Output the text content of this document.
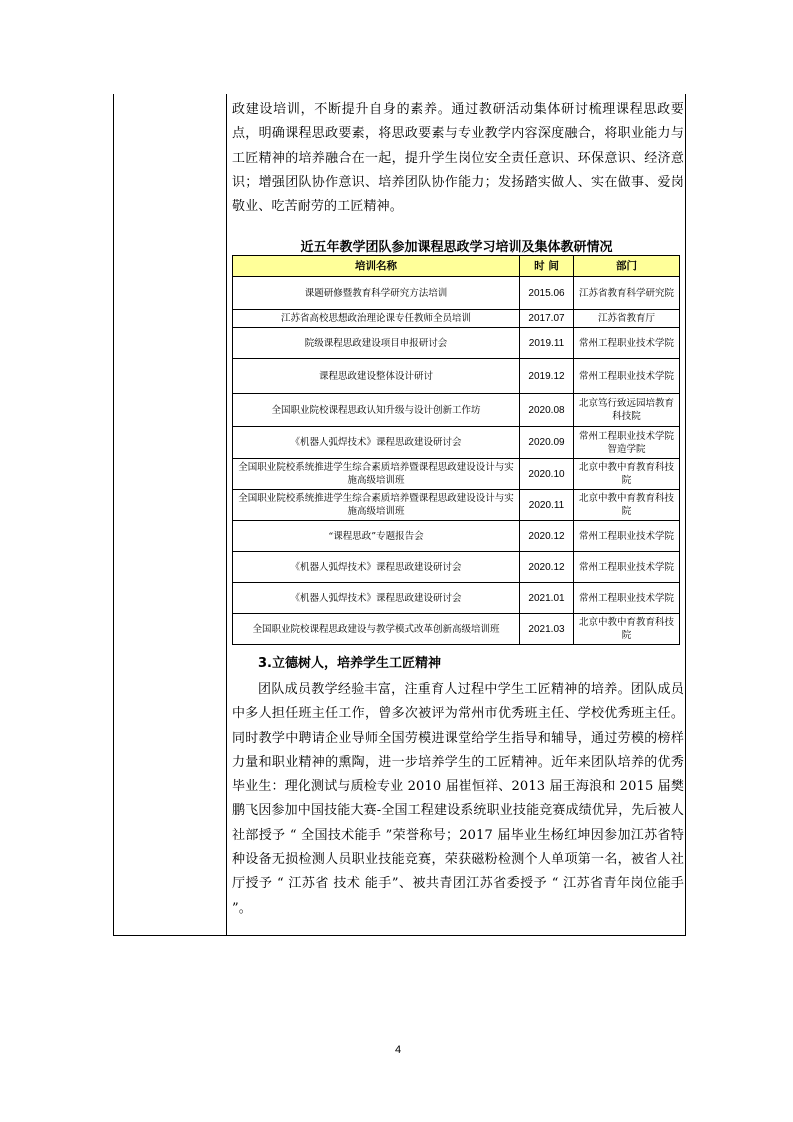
政建设培训，不断提升自身的素养。通过教研活动集体研讨梳理课程思政要点，明确课程思政要素，将思政要素与专业教学内容深度融合，将职业能力与工匠精神的培养融合在一起，提升学生岗位安全责任意识、环保意识、经济意识；增强团队协作意识、培养团队协作能力；发扬踏实做人、实在做事、爱岗敬业、吃苦耐劳的工匠精神。

近五年教学团队参加课程思政学习培训及集体教研情况
培训名称	时 间	部门
课题研修暨教育科学研究方法培训	2015.06	江苏省教育科学研究院
江苏省高校思想政治理论课专任教师全员培训	2017.07	江苏省教育厅
院级课程思政建设项目申报研讨会	2019.11	常州工程职业技术学院
课程思政建设整体设计研讨	2019.12	常州工程职业技术学院
全国职业院校课程思政认知升级与设计创新工作坊	2020.08	北京笃行致远园培教育科技院
《机器人弧焊技术》课程思政建设研讨会	2020.09	常州工程职业技术学院智造学院
全国职业院校系统推进学生综合素质培养暨课程思政建设设计与实施高级培训班	2020.10	北京中教中育教育科技院
全国职业院校系统推进学生综合素质培养暨课程思政建设设计与实施高级培训班	2020.11	北京中教中育教育科技院
“课程思政”专题报告会	2020.12	常州工程职业技术学院
《机器人弧焊技术》课程思政建设研讨会	2020.12	常州工程职业技术学院
《机器人弧焊技术》课程思政建设研讨会	2021.01	常州工程职业技术学院
全国职业院校课程思政建设与教学模式改革创新高级培训班	2021.03	北京中教中育教育科技院
3.立德树人，培养学生工匠精神

团队成员教学经验丰富，注重育人过程中学生工匠精神的培养。团队成员中多人担任班主任工作，曾多次被评为常州市优秀班主任、学校优秀班主任。同时教学中聘请企业导师全国劳模进课堂给学生指导和辅导，通过劳模的榜样力量和职业精神的熏陶，进一步培养学生的工匠精神。近年来团队培养的优秀毕业生：理化测试与质检专业 2010 届崔恒祥、2013 届王海浪和 2015 届樊鹏飞因参加中国技能大赛-全国工程建设系统职业技能竞赛成绩优异，先后被人社部授予 “ 全国技术能手 ”荣誉称号；2017 届毕业生杨红坤因参加江苏省特种设备无损检测人员职业技能竞赛，荣获磁粉检测个人单项第一名，被省人社厅授予 “ 江苏省 技术 能手”、被共青团江苏省委授予 “ 江苏省青年岗位能手 ”。

4
